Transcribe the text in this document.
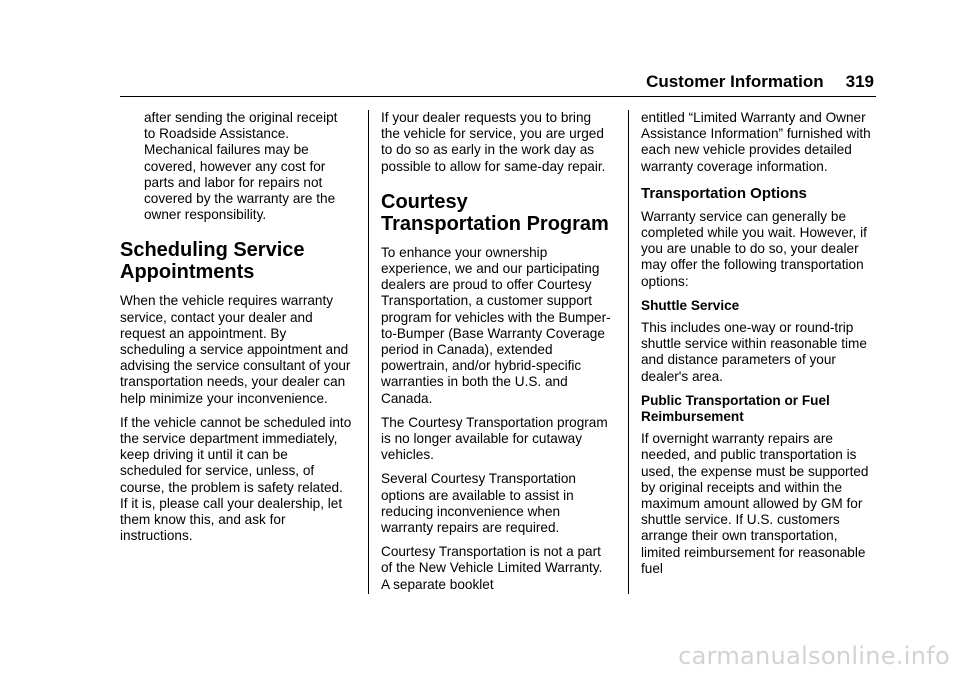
Customer Information 319

after sending the original receipt to Roadside Assistance. Mechanical failures may be covered, however any cost for parts and labor for repairs not covered by the warranty are the owner responsibility.

Scheduling Service Appointments

When the vehicle requires warranty service, contact your dealer and request an appointment. By scheduling a service appointment and advising the service consultant of your transportation needs, your dealer can help minimize your inconvenience.

If the vehicle cannot be scheduled into the service department immediately, keep driving it until it can be scheduled for service, unless, of course, the problem is safety related. If it is, please call your dealership, let them know this, and ask for instructions.

If your dealer requests you to bring the vehicle for service, you are urged to do so as early in the work day as possible to allow for same-day repair.

Courtesy Transportation Program

To enhance your ownership experience, we and our participating dealers are proud to offer Courtesy Transportation, a customer support program for vehicles with the Bumper-to-Bumper (Base Warranty Coverage period in Canada), extended powertrain, and/or hybrid-specific warranties in both the U.S. and Canada.

The Courtesy Transportation program is no longer available for cutaway vehicles.

Several Courtesy Transportation options are available to assist in reducing inconvenience when warranty repairs are required.

Courtesy Transportation is not a part of the New Vehicle Limited Warranty. A separate booklet

entitled “Limited Warranty and Owner Assistance Information” furnished with each new vehicle provides detailed warranty coverage information.

Transportation Options

Warranty service can generally be completed while you wait. However, if you are unable to do so, your dealer may offer the following transportation options:

Shuttle Service

This includes one-way or round-trip shuttle service within reasonable time and distance parameters of your dealer's area.

Public Transportation or Fuel Reimbursement

If overnight warranty repairs are needed, and public transportation is used, the expense must be supported by original receipts and within the maximum amount allowed by GM for shuttle service. If U.S. customers arrange their own transportation, limited reimbursement for reasonable fuel

carmanualsonline.info
